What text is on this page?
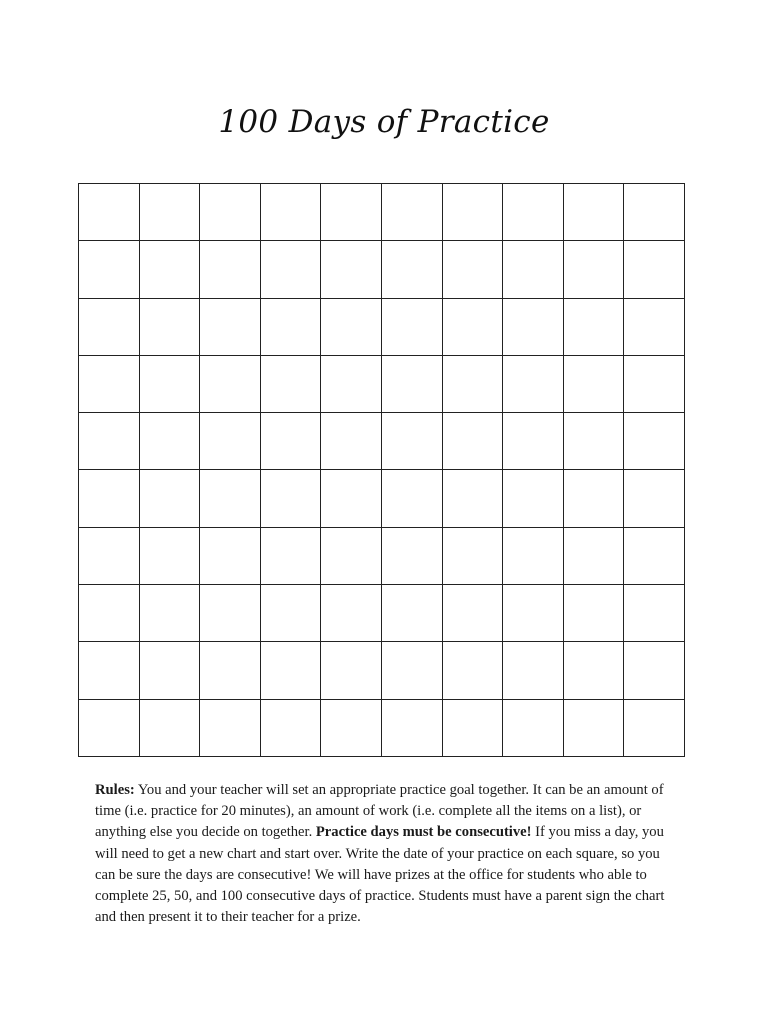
100 Days of Practice

Rules: You and your teacher will set an appropriate practice goal together. It can be an amount of time (i.e. practice for 20 minutes), an amount of work (i.e. complete all the items on a list), or anything else you decide on together. Practice days must be consecutive! If you miss a day, you will need to get a new chart and start over. Write the date of your practice on each square, so you can be sure the days are consecutive! We will have prizes at the office for students who able to complete 25, 50, and 100 consecutive days of practice. Students must have a parent sign the chart and then present it to their teacher for a prize.
